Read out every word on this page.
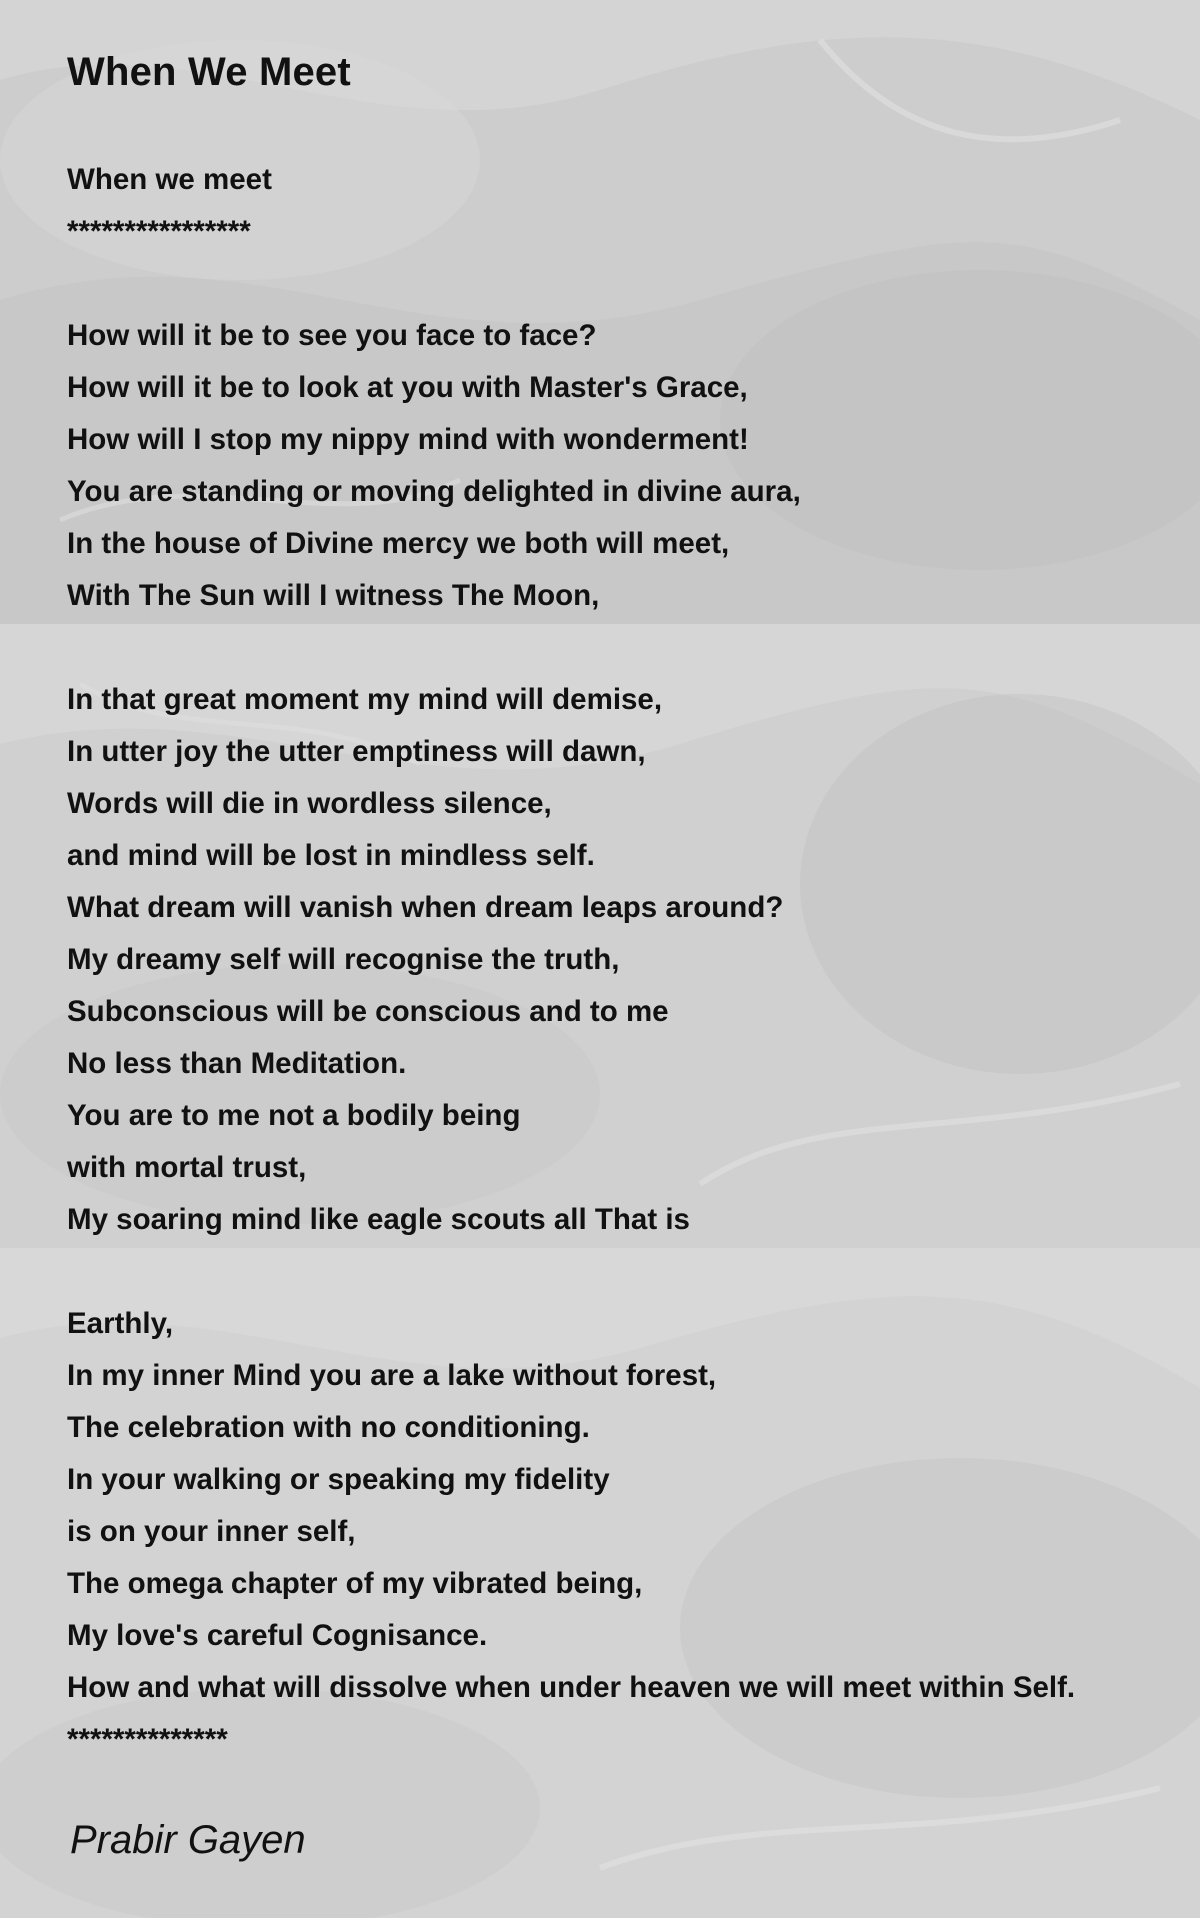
When We Meet
When we meet
****************
How will it be to see you face to face?
How will it be to look at you with Master's Grace,
How will I stop my nippy mind with wonderment!
You are standing or moving delighted in divine aura,
In the house of Divine mercy we both will meet,
With The Sun will I witness The Moon,
In that great moment my mind will demise,
In utter joy the utter emptiness will dawn,
Words will die in wordless silence,
and mind will be lost in mindless self.
What dream will vanish when dream leaps around?
My dreamy self will recognise the truth,
Subconscious will be conscious and to me
No less than Meditation.
You are to me not a bodily being
with mortal trust,
My soaring mind like eagle scouts all That is
Earthly,
In my inner Mind you are a lake without forest,
The celebration with no conditioning.
In your walking or speaking my fidelity
is on your inner self,
The omega chapter of my vibrated being,
My love's careful Cognisance.
How and what will dissolve when under heaven we will meet within Self.
**************

Prabir Gayen
